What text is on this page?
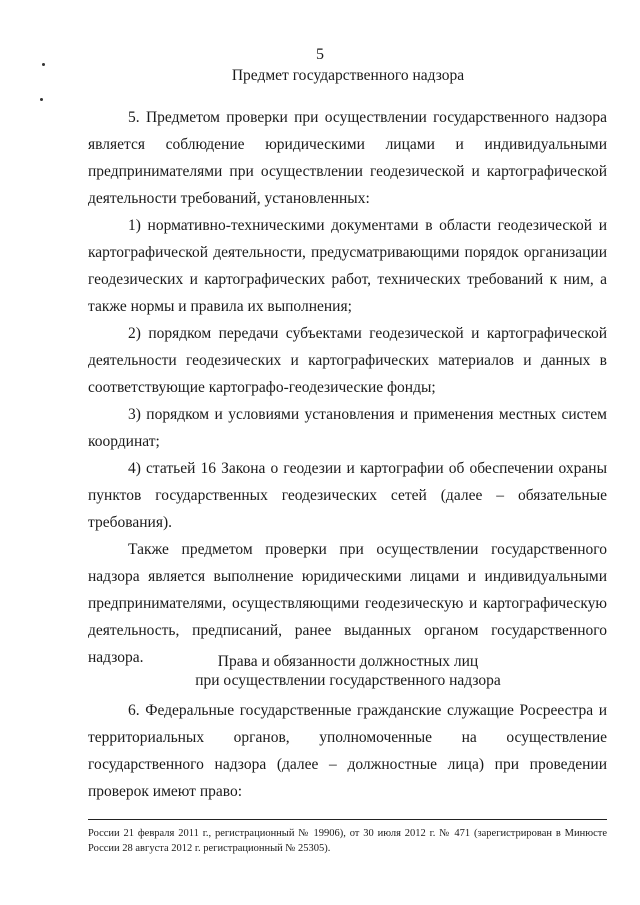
5
Предмет государственного надзора

5. Предметом проверки при осуществлении государственного надзора является соблюдение юридическими лицами и индивидуальными предпринимателями при осуществлении геодезической и картографической деятельности требований, установленных:

1) нормативно-техническими документами в области геодезической и картографической деятельности, предусматривающими порядок организации геодезических и картографических работ, технических требований к ним, а также нормы и правила их выполнения;

2) порядком передачи субъектами геодезической и картографической деятельности геодезических и картографических материалов и данных в соответствующие картографо-геодезические фонды;

3) порядком и условиями установления и применения местных систем координат;

4) статьей 16 Закона о геодезии и картографии об обеспечении охраны пунктов государственных геодезических сетей (далее – обязательные требования).

Также предметом проверки при осуществлении государственного надзора является выполнение юридическими лицами и индивидуальными предпринимателями, осуществляющими геодезическую и картографическую деятельность, предписаний, ранее выданных органом государственного надзора.	Права и обязанности должностных лиц
при осуществлении государственного надзора

6. Федеральные государственные гражданские служащие Росреестра и территориальных органов, уполномоченные на осуществление государственного надзора (далее – должностные лица) при проведении проверок имеют право:

России 21 февраля 2011 г., регистрационный № 19906), от 30 июля 2012 г. № 471 (зарегистрирован в Минюсте России 28 августа 2012 г. регистрационный № 25305).
